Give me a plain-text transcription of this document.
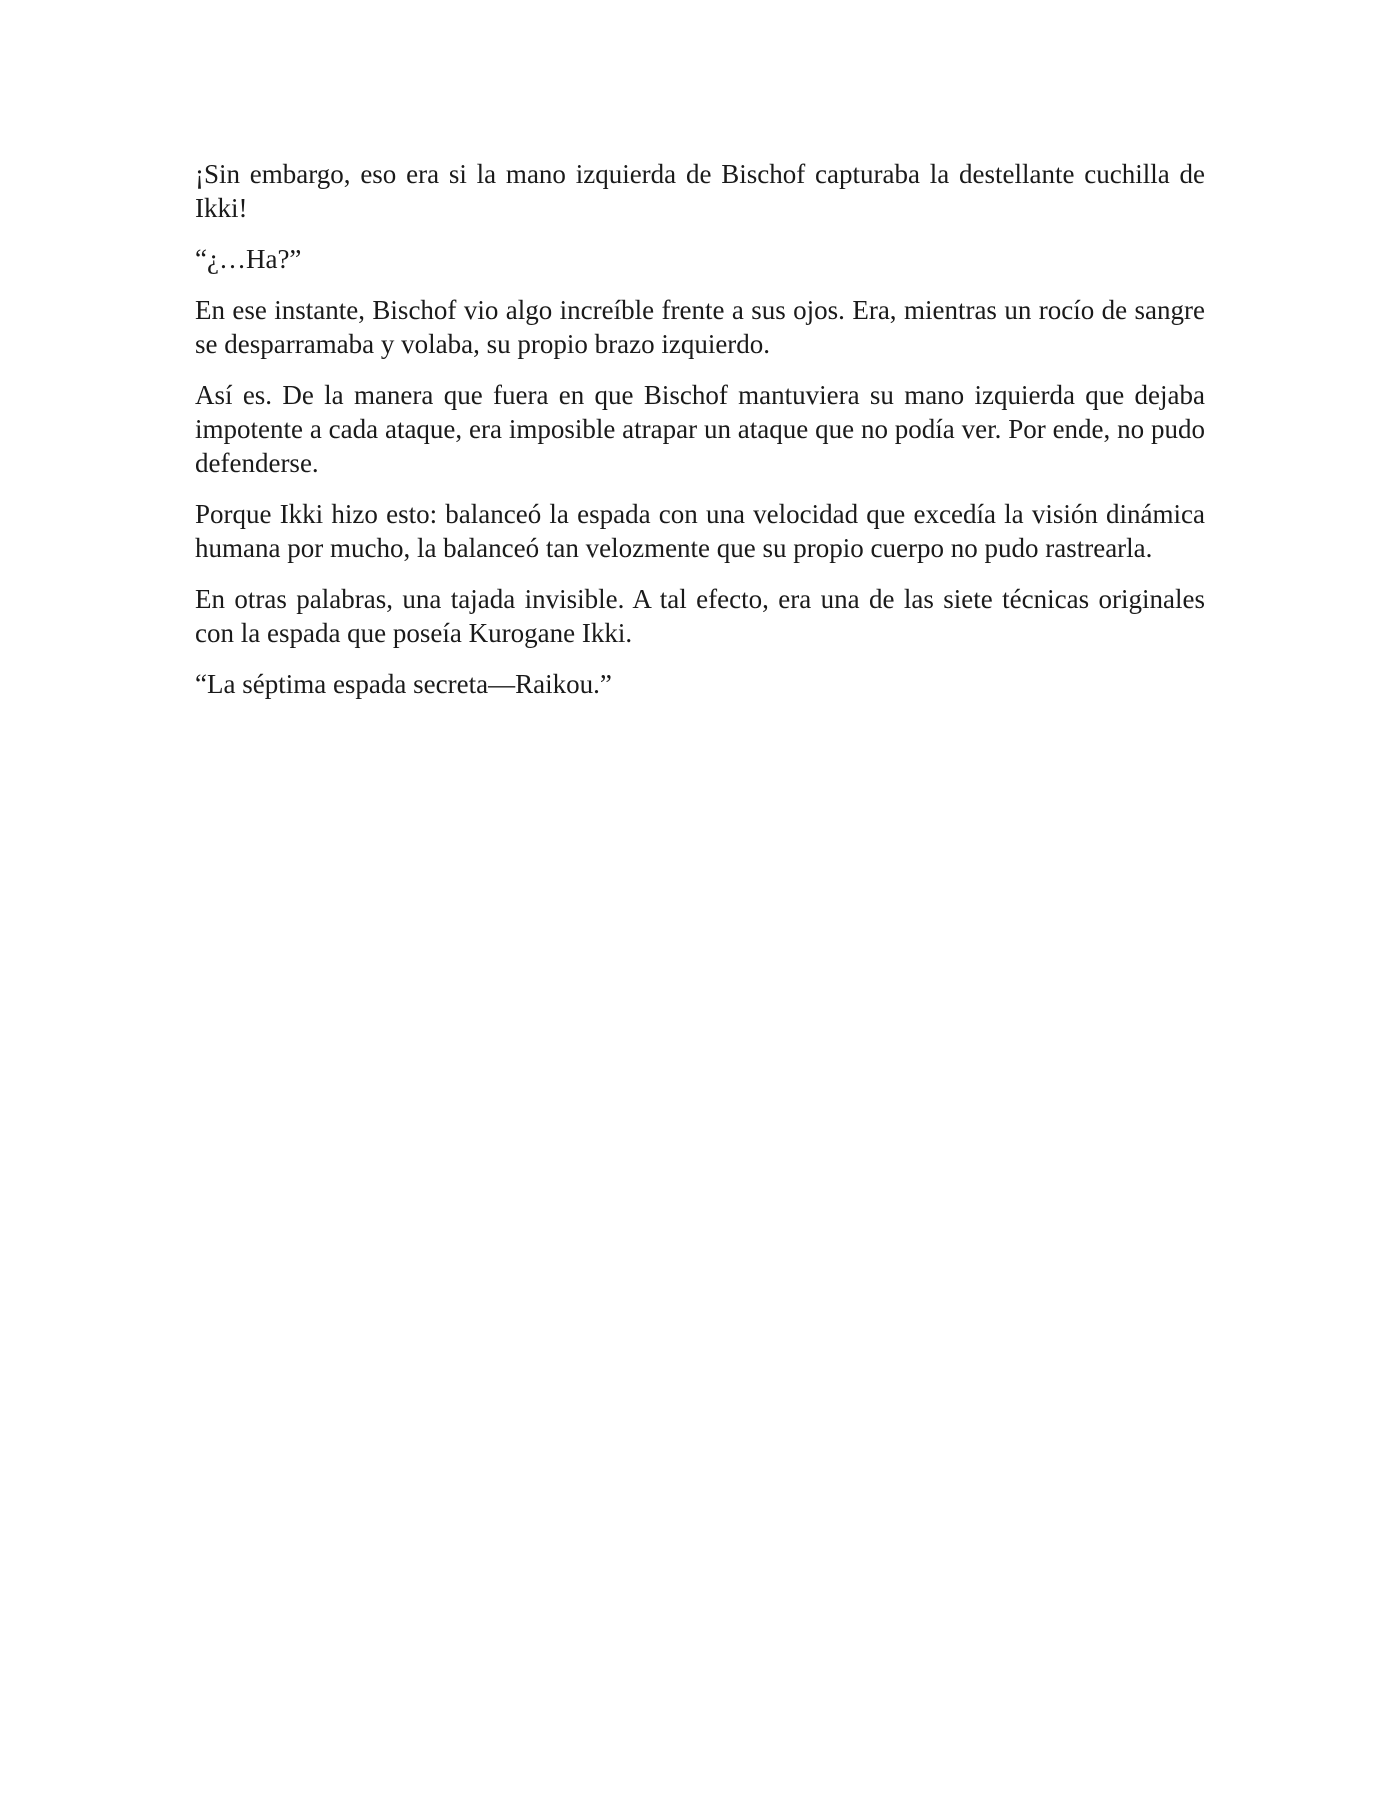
¡Sin embargo, eso era si la mano izquierda de Bischof capturaba la destellante cuchilla de Ikki!

“¿…Ha?”

En ese instante, Bischof vio algo increíble frente a sus ojos. Era, mientras un rocío de sangre se desparramaba y volaba, su propio brazo izquierdo.

Así es. De la manera que fuera en que Bischof mantuviera su mano izquierda que dejaba impotente a cada ataque, era imposible atrapar un ataque que no podía ver. Por ende, no pudo defenderse.

Porque Ikki hizo esto: balanceó la espada con una velocidad que excedía la visión dinámica humana por mucho, la balanceó tan velozmente que su propio cuerpo no pudo rastrearla.

En otras palabras, una tajada invisible. A tal efecto, era una de las siete técnicas originales con la espada que poseía Kurogane Ikki.

“La séptima espada secreta—Raikou.”
